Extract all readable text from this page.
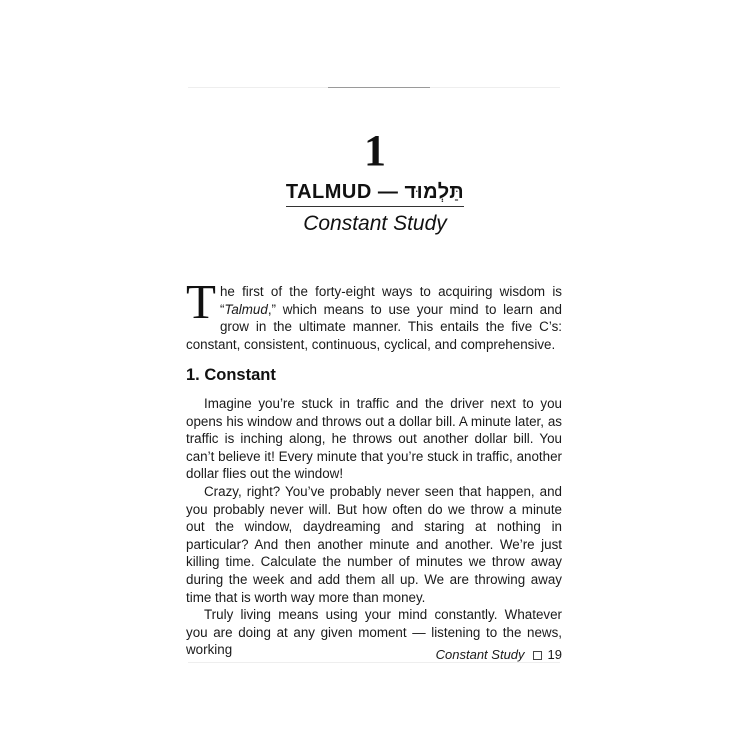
1
TALMUD — תַּלְמוּד
Constant Study
The first of the forty-eight ways to acquiring wisdom is “Talmud,” which means to use your mind to learn and grow in the ultimate manner. This entails the five C’s: constant, consistent, continuous, cyclical, and comprehensive.
1. Constant

Imagine you’re stuck in traffic and the driver next to you opens his window and throws out a dollar bill. A minute later, as traffic is inching along, he throws out another dollar bill. You can’t believe it! Every minute that you’re stuck in traffic, another dollar flies out the window!

Crazy, right? You’ve probably never seen that happen, and you probably never will. But how often do we throw a minute out the window, daydreaming and staring at nothing in particular? And then another minute and another. We’re just killing time. Calculate the number of minutes we throw away during the week and add them all up. We are throwing away time that is worth way more than money.

Truly living means using your mind constantly. Whatever you are doing at any given moment — listening to the news, working	Constant Study 19
